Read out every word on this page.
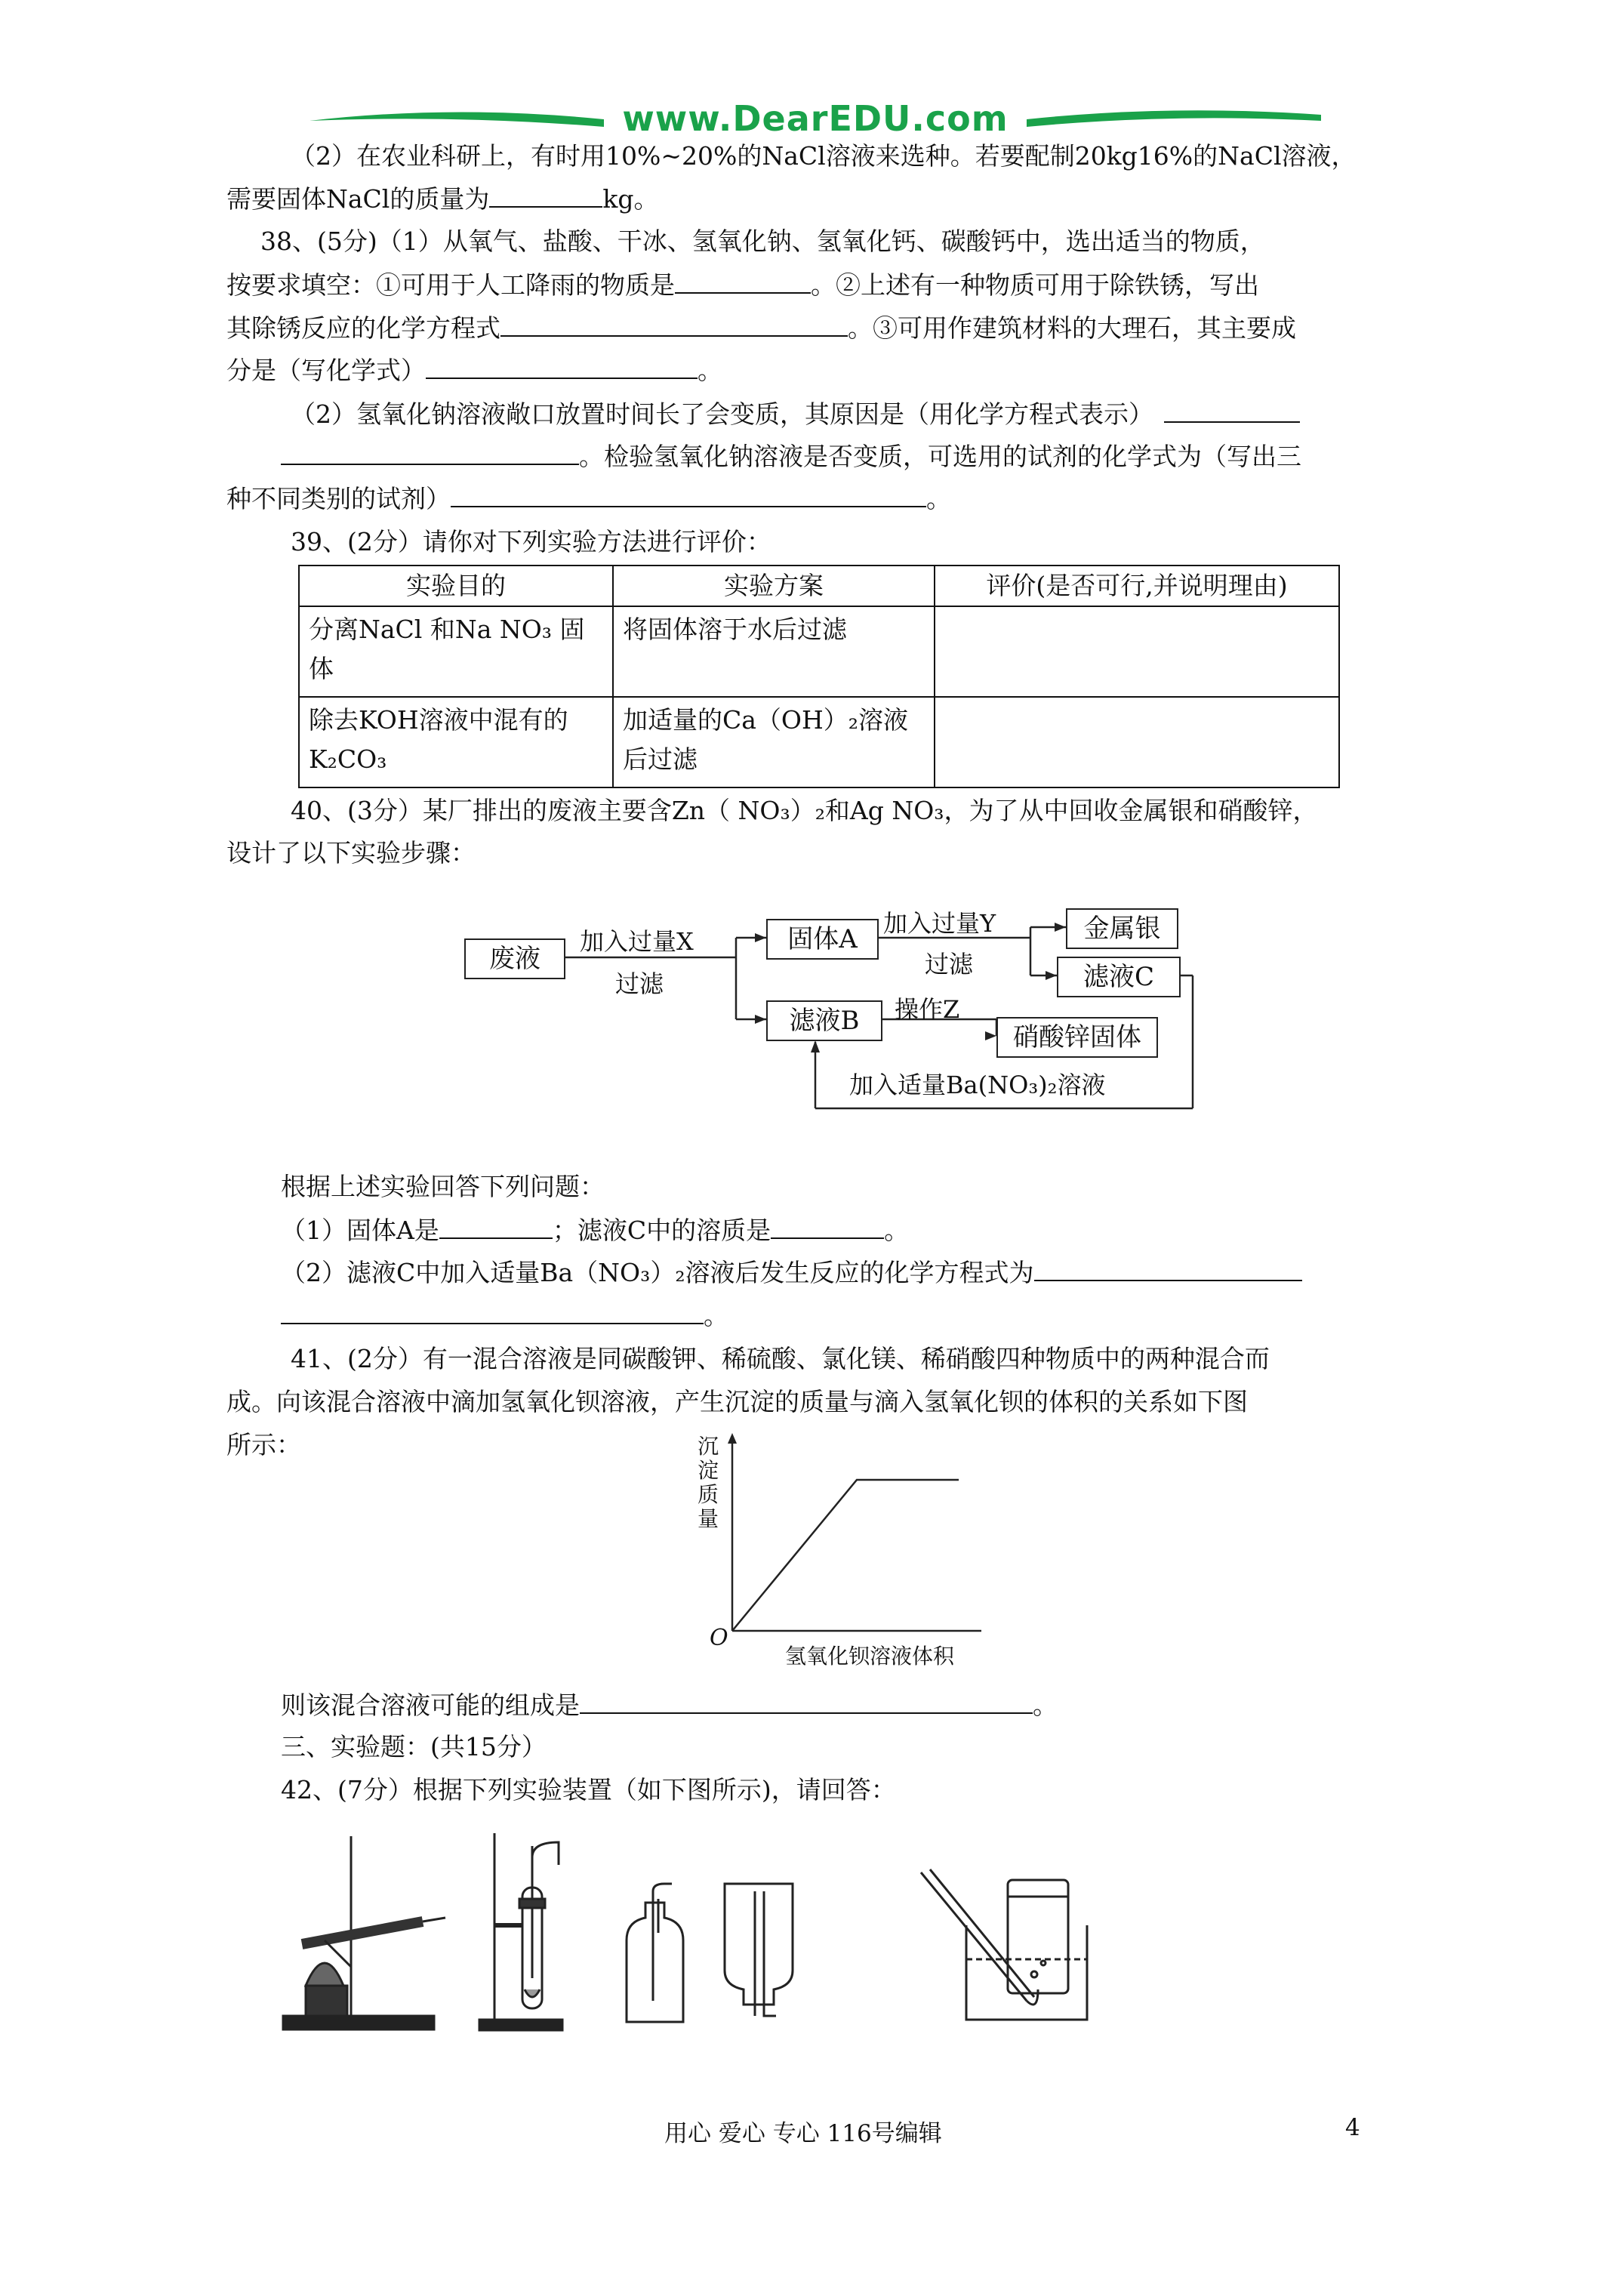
www.DearEDU.com
（2）在农业科研上，有时用10%~20%的NaCl溶液来选种。若要配制20kg16%的NaCl溶液，
需要固体NaCl的质量为	kg。
38、(5分)（1）从氧气、盐酸、干冰、氢氧化钠、氢氧化钙、碳酸钙中，选出适当的物质，
按要求填空：①可用于人工降雨的物质是	。②上述有一种物质可用于除铁锈，写出
其除锈反应的化学方程式	。③可用作建筑材料的大理石，其主要成
分是（写化学式）	。
（2）氢氧化钠溶液敞口放置时间长了会变质，其原因是（用化学方程式表示）
。检验氢氧化钠溶液是否变质，可选用的试剂的化学式为（写出三
种不同类别的试剂）	。
39、(2分）请你对下列实验方法进行评价：
实验目的	实验方案	评价(是否可行,并说明理由)
分离NaCl 和Na NO₃ 固体	将固体溶于水后过滤	
除去KOH溶液中混有的K₂CO₃	加适量的Ca（OH）₂溶液后过滤	
40、(3分）某厂排出的废液主要含Zn（ NO₃）₂和Ag NO₃，为了从中回收金属银和硝酸锌，
设计了以下实验步骤：
废液
加入过量X
过滤
固体A
加入过量Y
过滤
金属银
滤液C
滤液B	操作Z
硝酸锌固体
加入适量Ba(NO₃)₂溶液
根据上述实验回答下列问题：
（1）固体A是	；滤液C中的溶质是	。
（2）滤液C中加入适量Ba（NO₃）₂溶液后发生反应的化学方程式为
。
41、(2分）有一混合溶液是同碳酸钾、稀硫酸、氯化镁、稀硝酸四种物质中的两种混合而
成。向该混合溶液中滴加氢氧化钡溶液，产生沉淀的质量与滴入氢氧化钡的体积的关系如下图
所示：	沉淀质量
O
氢氧化钡溶液体积
则该混合溶液可能的组成是	。
三、实验题：(共15分）
42、(7分）根据下列实验装置（如下图所示)，请回答：
用心 爱心 专心 116号编辑	4
